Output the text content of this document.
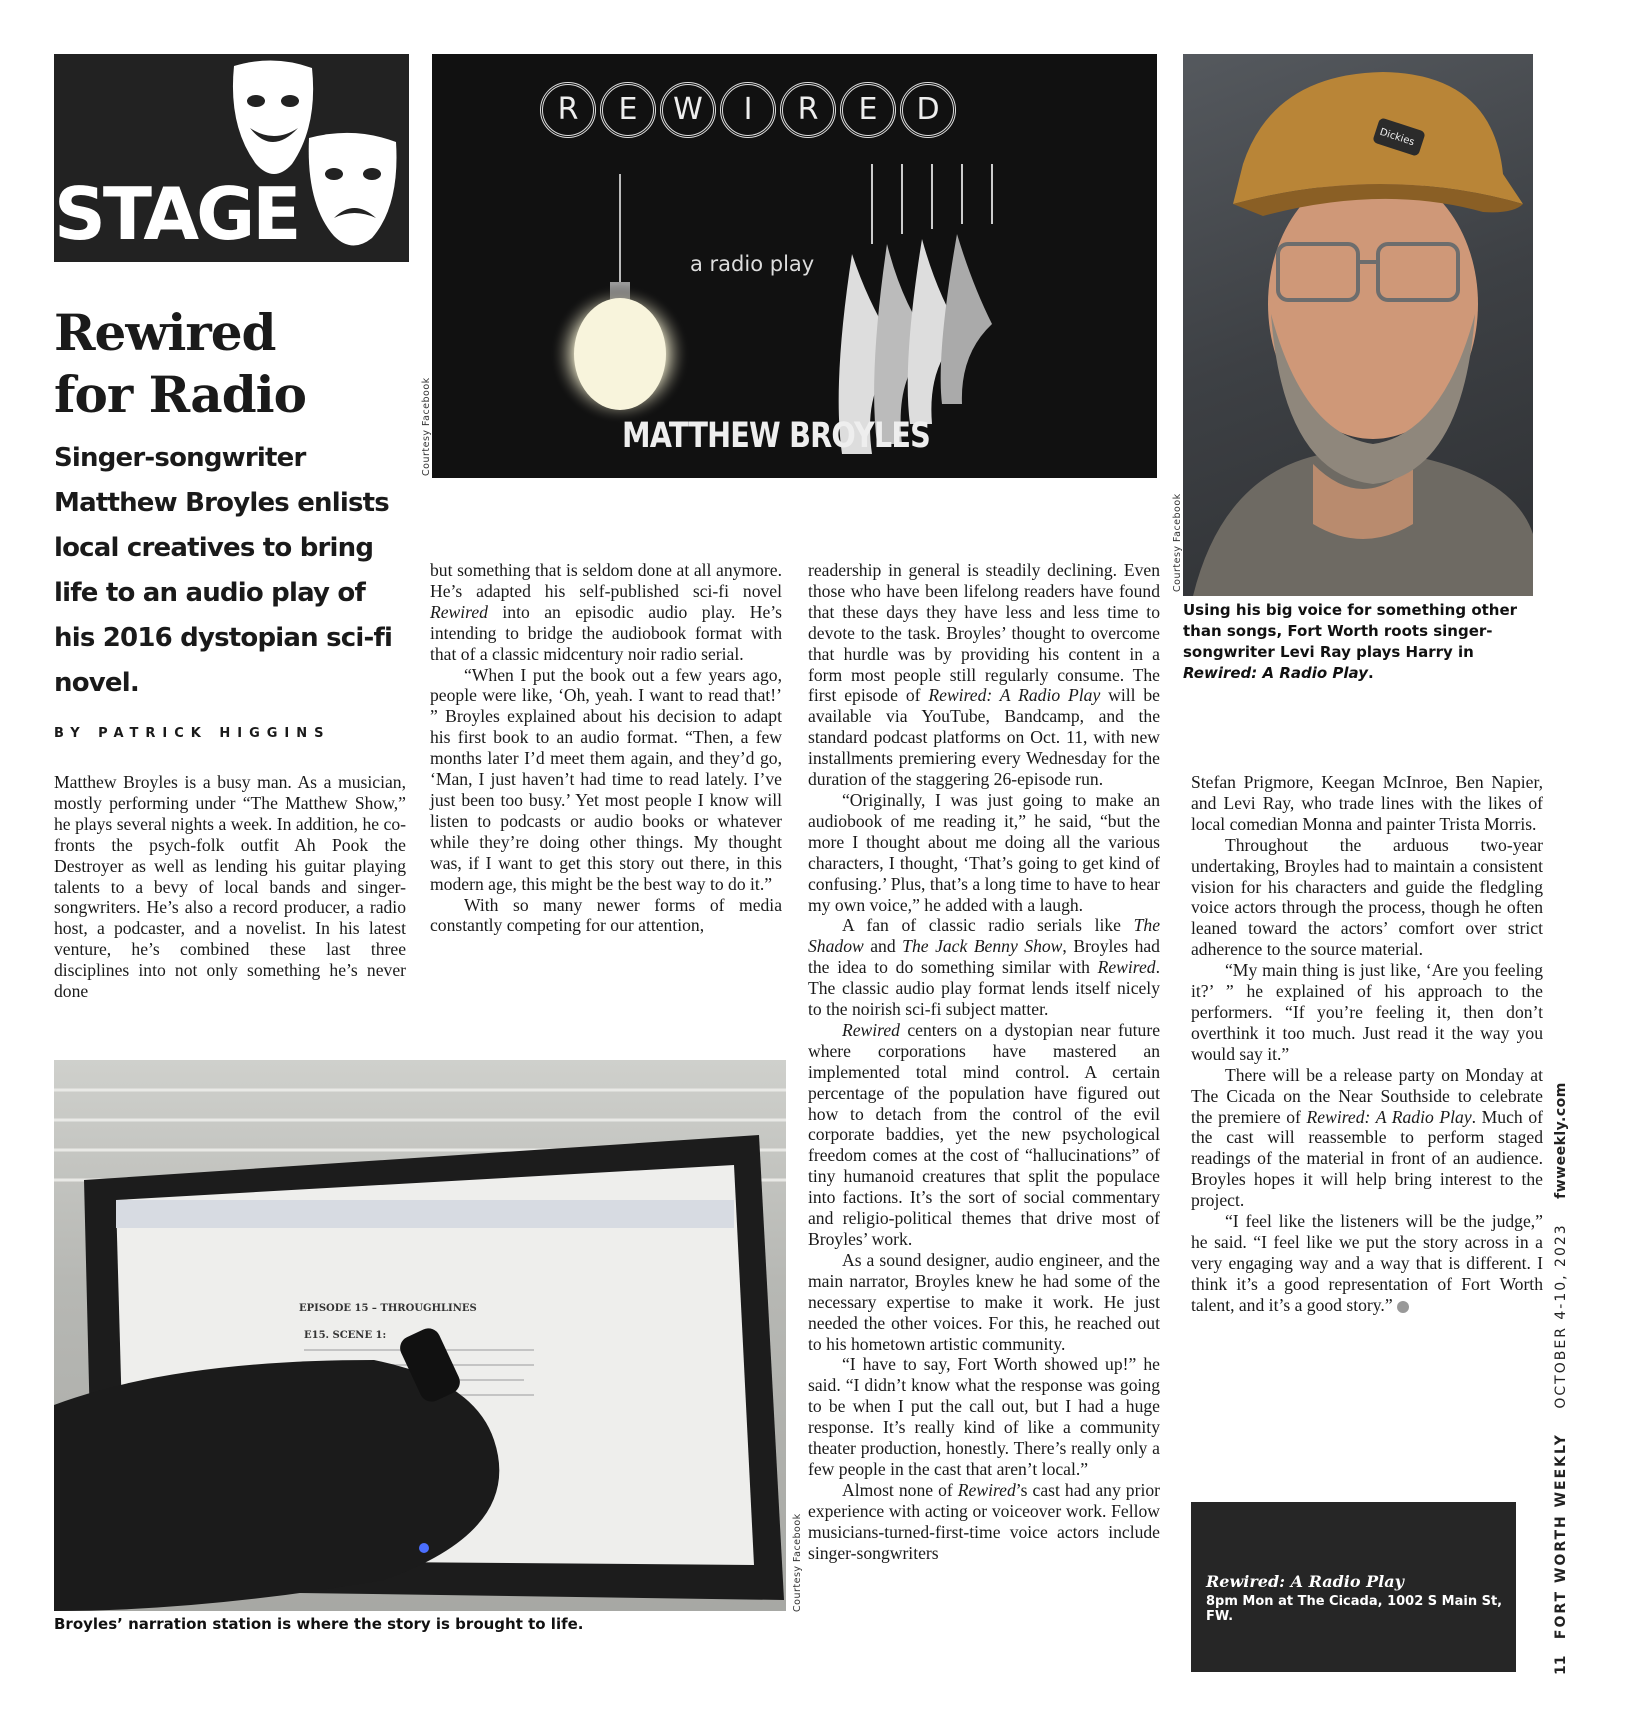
STAGE
Rewired
for Radio
Singer-songwriter Matthew Broyles enlists local creatives to bring life to an audio play of his 2016 dystopian sci-fi novel.
BY PATRICK HIGGINS
R	E	W	I	R	E	D
a radio play
MATTHEW BROYLES
Courtesy Facebook
Dickies
Courtesy Facebook
Using his big voice for something other than songs, Fort Worth roots singer-songwriter Levi Ray plays Harry in Rewired: A Radio Play.

Matthew Broyles is a busy man. As a musician, mostly performing under “The Matthew Show,” he plays several nights a week. In addition, he co-fronts the psych-folk outfit Ah Pook the Destroyer as well as lending his guitar playing talents to a bevy of local bands and singer-songwriters. He’s also a record producer, a radio host, a podcaster, and a novelist. In his latest venture, he’s combined these last three disciplines into not only something he’s never done

but something that is seldom done at all anymore. He’s adapted his self-published sci-fi novel Rewired into an episodic audio play. He’s intending to bridge the audiobook format with that of a classic midcentury noir radio serial.

“When I put the book out a few years ago, people were like, ‘Oh, yeah. I want to read that!’ ” Broyles explained about his decision to adapt his first book to an audio format. “Then, a few months later I’d meet them again, and they’d go, ‘Man, I just haven’t had time to read lately. I’ve just been too busy.’ Yet most people I know will listen to podcasts or audio books or whatever while they’re doing other things. My thought was, if I want to get this story out there, in this modern age, this might be the best way to do it.”

With so many newer forms of media constantly competing for our attention,

EPISODE 15 – THROUGHLINES
E15. SCENE 1:
Courtesy Facebook
Broyles’ narration station is where the story is brought to life.

readership in general is steadily declining. Even those who have been lifelong readers have found that these days they have less and less time to devote to the task. Broyles’ thought to overcome that hurdle was by providing his content in a form most people still regularly consume. The first episode of Rewired: A Radio Play will be available via YouTube, Bandcamp, and the standard podcast platforms on Oct. 11, with new installments premiering every Wednesday for the duration of the staggering 26-episode run.

“Originally, I was just going to make an audiobook of me reading it,” he said, “but the more I thought about me doing all the various characters, I thought, ‘That’s going to get kind of confusing.’ Plus, that’s a long time to have to hear my own voice,” he added with a laugh.

A fan of classic radio serials like The Shadow and The Jack Benny Show, Broyles had the idea to do something similar with Rewired. The classic audio play format lends itself nicely to the noirish sci-fi subject matter.

Rewired centers on a dystopian near future where corporations have mastered an implemented total mind control. A certain percentage of the population have figured out how to detach from the control of the evil corporate baddies, yet the new psychological freedom comes at the cost of “hallucinations” of tiny humanoid creatures that split the populace into factions. It’s the sort of social commentary and religio-political themes that drive most of Broyles’ work.

As a sound designer, audio engineer, and the main narrator, Broyles knew he had some of the necessary expertise to make it work. He just needed the other voices. For this, he reached out to his hometown artistic community.

“I have to say, Fort Worth showed up!” he said. “I didn’t know what the response was going to be when I put the call out, but I had a huge response. It’s really kind of like a community theater production, honestly. There’s really only a few people in the cast that aren’t local.”

Almost none of Rewired’s cast had any prior experience with acting or voiceover work. Fellow musicians-turned-first-time voice actors include singer-songwriters

Stefan Prigmore, Keegan McInroe, Ben Napier, and Levi Ray, who trade lines with the likes of local comedian Monna and painter Trista Morris.

Throughout the arduous two-year undertaking, Broyles had to maintain a consistent vision for his characters and guide the fledgling voice actors through the process, though he often leaned toward the actors’ comfort over strict adherence to the source material.

“My main thing is just like, ‘Are you feeling it?’ ” he explained of his approach to the performers. “If you’re feeling it, then don’t overthink it too much. Just read it the way you would say it.”

There will be a release party on Monday at The Cicada on the Near Southside to celebrate the premiere of Rewired: A Radio Play. Much of the cast will reassemble to perform staged readings of the material in front of an audience. Broyles hopes it will help bring interest to the project.

“I feel like the listeners will be the judge,” he said. “I feel like we put the story across in a very engaging way and a way that is different. I think it’s a good representation of Fort Worth talent, and it’s a good story.”

Rewired: A Radio Play
8pm Mon at The Cicada, 1002 S Main St, FW.
11 FORT WORTH WEEKLY OCTOBER 4-10, 2023 fwweekly.com
